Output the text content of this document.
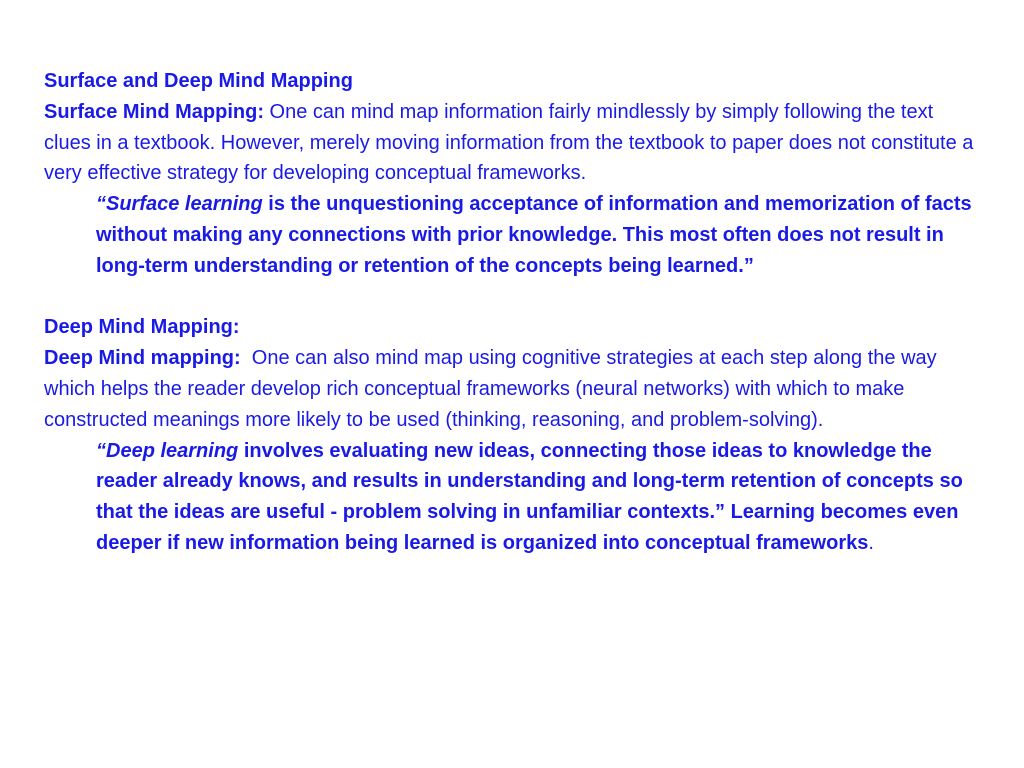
Surface and Deep Mind Mapping

Surface Mind Mapping: One can mind map information fairly mindlessly by simply following the text clues in a textbook. However, merely moving information from the textbook to paper does not constitute a very effective strategy for developing conceptual frameworks.

“Surface learning is the unquestioning acceptance of information and memorization of facts without making any connections with prior knowledge. This most often does not result in long-term understanding or retention of the concepts being learned.”

Deep Mind Mapping:

Deep Mind mapping:  One can also mind map using cognitive strategies at each step along the way which helps the reader develop rich conceptual frameworks (neural networks) with which to make constructed meanings more likely to be used (thinking, reasoning, and problem-solving).

“Deep learning involves evaluating new ideas, connecting those ideas to knowledge the reader already knows, and results in understanding and long-term retention of concepts so that the ideas are useful - problem solving in unfamiliar contexts.” Learning becomes even deeper if new information being learned is organized into conceptual frameworks.
